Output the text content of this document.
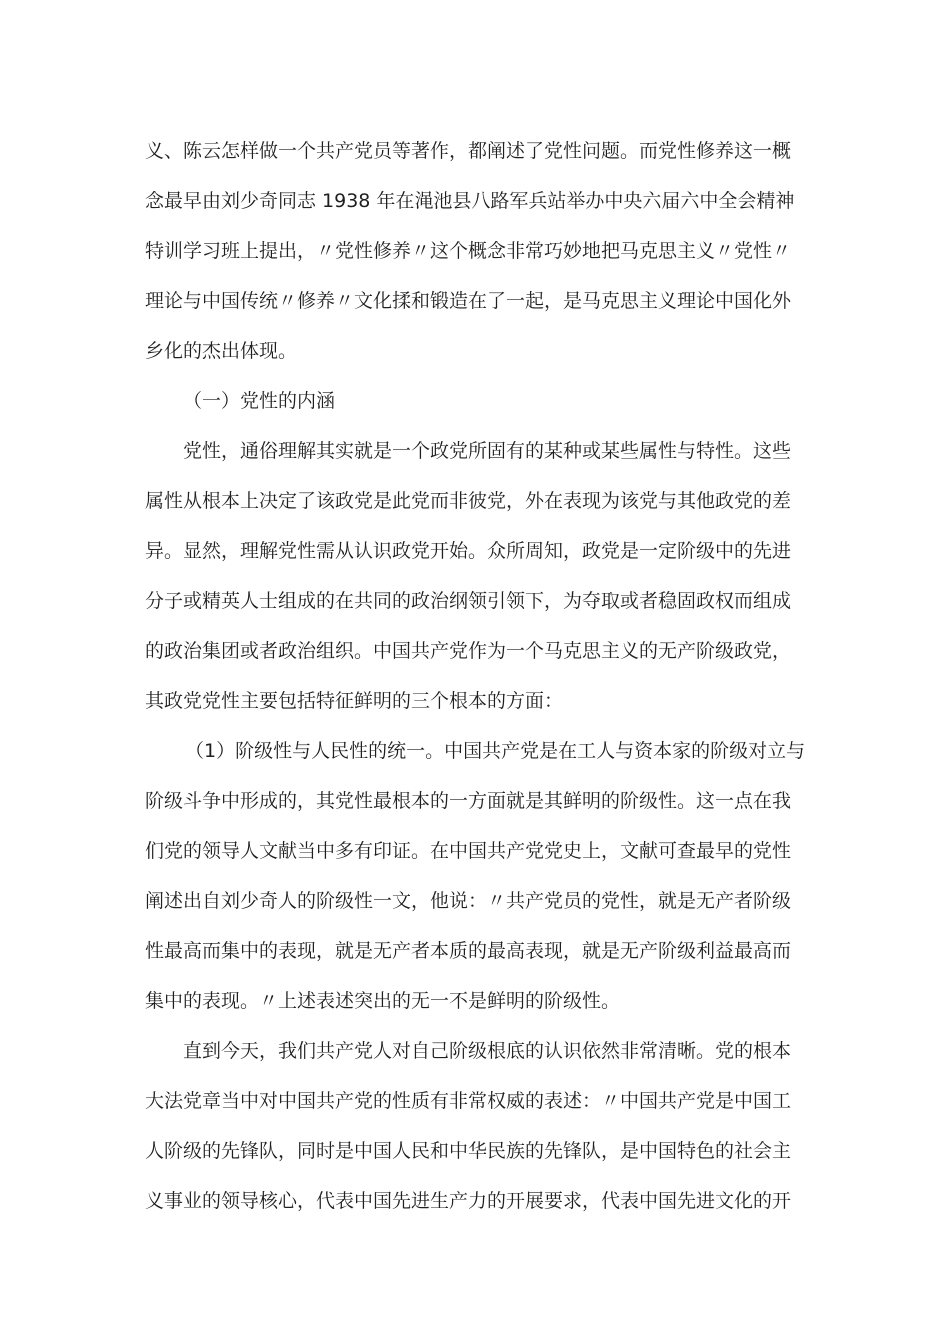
义、陈云怎样做一个共产党员等著作，都阐述了党性问题。而党性修养这一概
念最早由刘少奇同志 1938 年在渑池县八路军兵站举办中央六届六中全会精神
特训学习班上提出，〃党性修养〃这个概念非常巧妙地把马克思主义〃党性〃
理论与中国传统〃修养〃文化揉和锻造在了一起，是马克思主义理论中国化外
乡化的杰出体现。
（一）党性的内涵
党性，通俗理解其实就是一个政党所固有的某种或某些属性与特性。这些
属性从根本上决定了该政党是此党而非彼党，外在表现为该党与其他政党的差
异。显然，理解党性需从认识政党开始。众所周知，政党是一定阶级中的先进
分子或精英人士组成的在共同的政治纲领引领下，为夺取或者稳固政权而组成
的政治集团或者政治组织。中国共产党作为一个马克思主义的无产阶级政党，
其政党党性主要包括特征鲜明的三个根本的方面：
（1）阶级性与人民性的统一。中国共产党是在工人与资本家的阶级对立与
阶级斗争中形成的，其党性最根本的一方面就是其鲜明的阶级性。这一点在我
们党的领导人文献当中多有印证。在中国共产党党史上，文献可查最早的党性
阐述出自刘少奇人的阶级性一文，他说：〃共产党员的党性，就是无产者阶级
性最高而集中的表现，就是无产者本质的最高表现，就是无产阶级利益最高而
集中的表现。〃上述表述突出的无一不是鲜明的阶级性。
直到今天，我们共产党人对自己阶级根底的认识依然非常清晰。党的根本
大法党章当中对中国共产党的性质有非常权威的表述：〃中国共产党是中国工
人阶级的先锋队，同时是中国人民和中华民族的先锋队，是中国特色的社会主
义事业的领导核心，代表中国先进生产力的开展要求，代表中国先进文化的开
